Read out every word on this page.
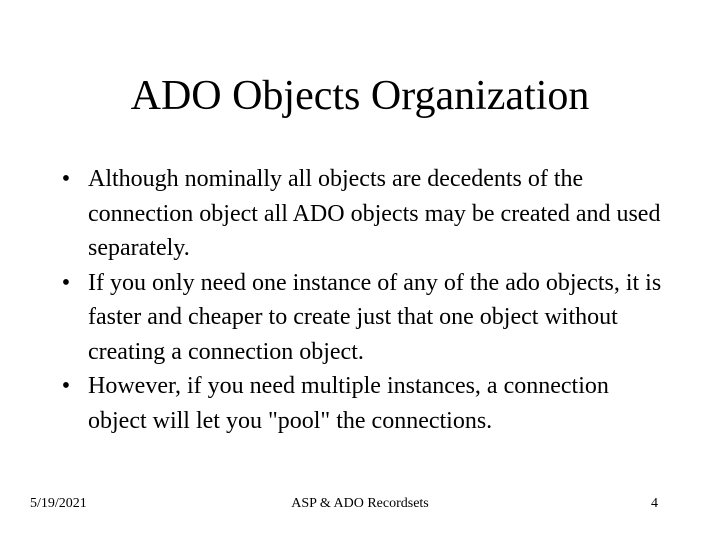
ADO Objects Organization
• Although nominally all objects are decedents of the connection object all ADO objects may be created and used separately.
• If you only need one instance of any of the ado objects, it is faster and cheaper to create just that one object without creating a connection object.
• However, if you need multiple instances, a connection object will let you "pool" the connections.
5/19/2021	ASP & ADO Recordsets	4
